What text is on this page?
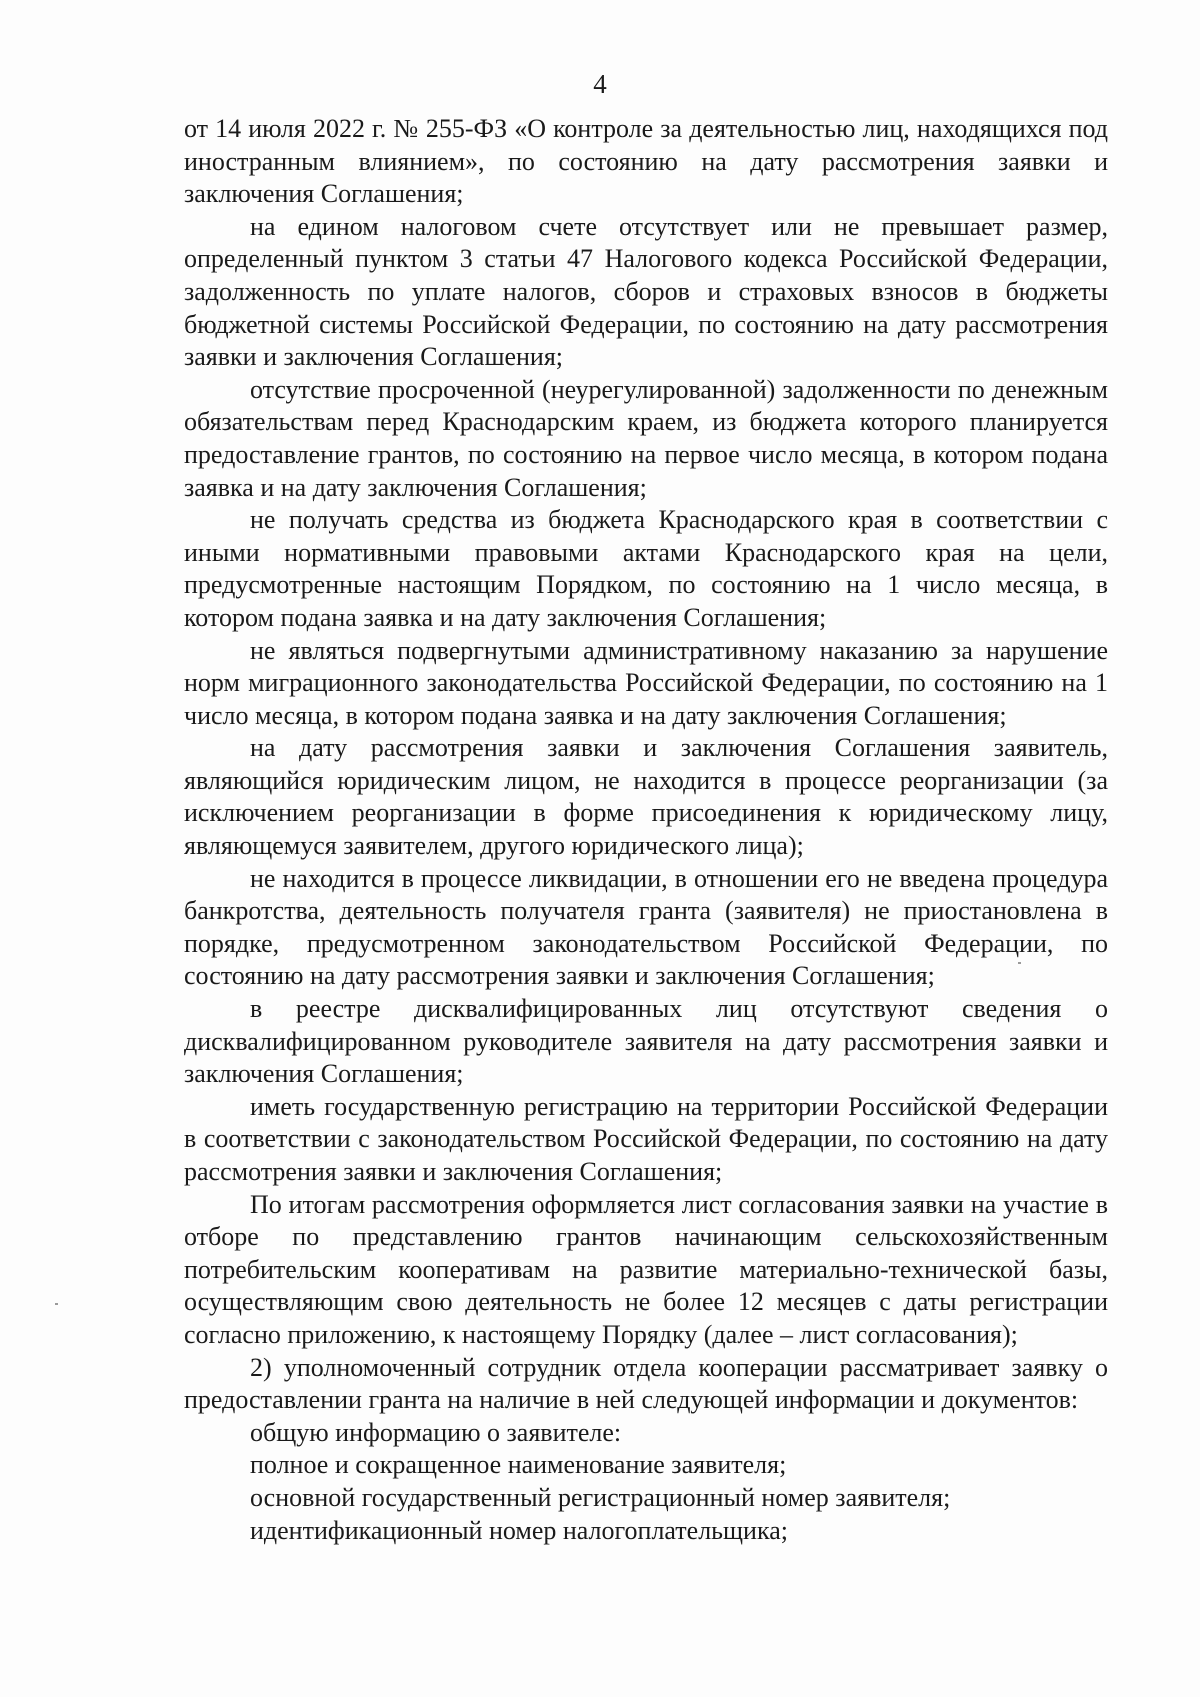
4

от 14 июля 2022 г. № 255-ФЗ «О контроле за деятельностью лиц, находящихся под иностранным влиянием», по состоянию на дату рассмотрения заявки и заключения Соглашения;

на едином налоговом счете отсутствует или не превышает размер, определенный пунктом 3 статьи 47 Налогового кодекса Российской Федерации, задолженность по уплате налогов, сборов и страховых взносов в бюджеты бюджетной системы Российской Федерации, по состоянию на дату рассмотрения заявки и заключения Соглашения;

отсутствие просроченной (неурегулированной) задолженности по денежным обязательствам перед Краснодарским краем, из бюджета которого планируется предоставление грантов, по состоянию на первое число месяца, в котором подана заявка и на дату заключения Соглашения;

не получать средства из бюджета Краснодарского края в соответствии с иными нормативными правовыми актами Краснодарского края на цели, предусмотренные настоящим Порядком, по состоянию на 1 число месяца, в котором подана заявка и на дату заключения Соглашения;

не являться подвергнутыми административному наказанию за нарушение норм миграционного законодательства Российской Федерации, по состоянию на 1 число месяца, в котором подана заявка и на дату заключения Соглашения;

на дату рассмотрения заявки и заключения Соглашения заявитель, являющийся юридическим лицом, не находится в процессе реорганизации (за исключением реорганизации в форме присоединения к юридическому лицу, являющемуся заявителем, другого юридического лица);

не находится в процессе ликвидации, в отношении его не введена процедура банкротства, деятельность получателя гранта (заявителя) не приостановлена в порядке, предусмотренном законодательством Российской Федерации, по состоянию на дату рассмотрения заявки и заключения Соглашения;

в реестре дисквалифицированных лиц отсутствуют сведения о дисквалифицированном руководителе заявителя на дату рассмотрения заявки и заключения Соглашения;

иметь государственную регистрацию на территории Российской Федерации в соответствии с законодательством Российской Федерации, по состоянию на дату рассмотрения заявки и заключения Соглашения;

По итогам рассмотрения оформляется лист согласования заявки на участие в отборе по представлению грантов начинающим сельскохозяйственным потребительским кооперативам на развитие материально-технической базы, осуществляющим свою деятельность не более 12 месяцев с даты регистрации согласно приложению, к настоящему Порядку (далее – лист согласования);

2) уполномоченный сотрудник отдела кооперации рассматривает заявку о предоставлении гранта на наличие в ней следующей информации и документов:

общую информацию о заявителе:

полное и сокращенное наименование заявителя;

основной государственный регистрационный номер заявителя;

идентификационный номер налогоплательщика;
